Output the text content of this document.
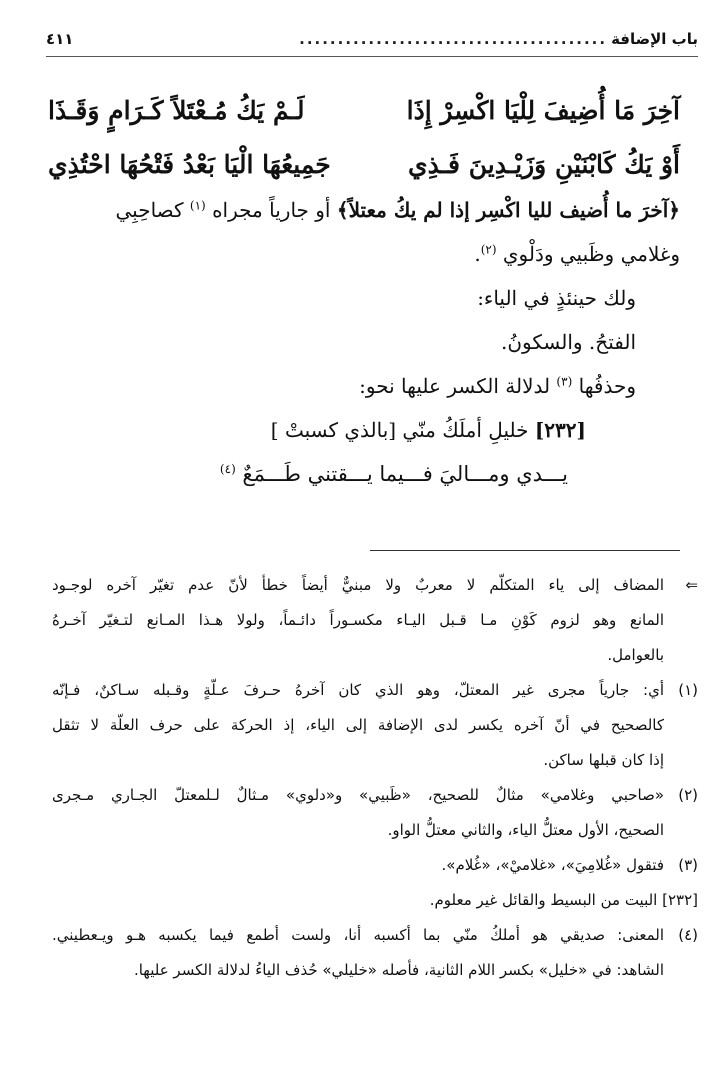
باب الإضافة
........................................
٤١١
آخِرَ مَا أُضِيفَ لِلْيَا اكْسِرْ إِذَا
لَـمْ يَكُ مُـعْتَلاً كَـرَامٍ وَقَـذَا
أَوْ يَكُ كَابْنَيْنِ وَزَيْـدِينَ فَـذِي
جَمِيعُهَا الْيَا بَعْدُ فَتْحُهَا احْتُذِي

﴿آخرَ ما أُضيف لليا اكْسِر إذا لم يكُ معتلاً﴾ أو جارياً مجراه $^{(١)}$ كصاحِبِي

وغلامي وظَبيي ودَلْوي $^{(٢)}$.

ولك حينئذٍ في الياء:

الفتحُ. والسكونُ.

وحذفُها $^{(٣)}$ لدلالة الكسر عليها نحو:

[٢٣٢] خليلِ أملَكُ منّي [بالذي كسبتْ ]

يـــدي ومـــاليَ فـــيما يـــقتني طَـــمَعٌ $^{(٤)}$

⇐
المضاف إلى ياء المتكلّم لا معربٌ ولا مبنيٌّ أيضاً خطأ لأنّ عدم تغيّر آخره لوجـود
المانع وهو لزوم كَوْنِ مـا قـبل اليـاء مكسـوراً دائـماً، ولولا هـذا المـانع لتـغيّر آخـرهُ
بالعوامل.
(١)
أي: جارياً مجرى غير المعتلّ، وهو الذي كان آخرهُ حـرفَ عـلّةٍ وقـبله سـاكنٌ، فـإنّه
كالصحيح في أنّ آخره يكسر لدى الإضافة إلى الياء، إذ الحركة على حرف العلّة لا تثقل
إذا كان قبلها ساكن.
(٢)
«صاحبي وغلامي» مثالٌ للصحيح، «ظَبيي» و«دلوي» مـثالٌ لـلمعتلّ الجـاري مـجرى
الصحيح، الأول معتلُّ الياء، والثاني معتلُّ الواو.
(٣)
فتقول «غُلامِيَ»، «غلاميْ»، «غُلام».
[٢٣٢] البيت من البسيط والقائل غير معلوم.
(٤)
المعنى: صديقي هو أملكُ منّي بما أكسبه أنا، ولست أطمع فيما يكسبه هـو ويـعطيني.
الشاهد: في «خليل» بكسر اللام الثانية، فأصله «خليلي» حُذف الياءُ لدلالة الكسر عليها.
